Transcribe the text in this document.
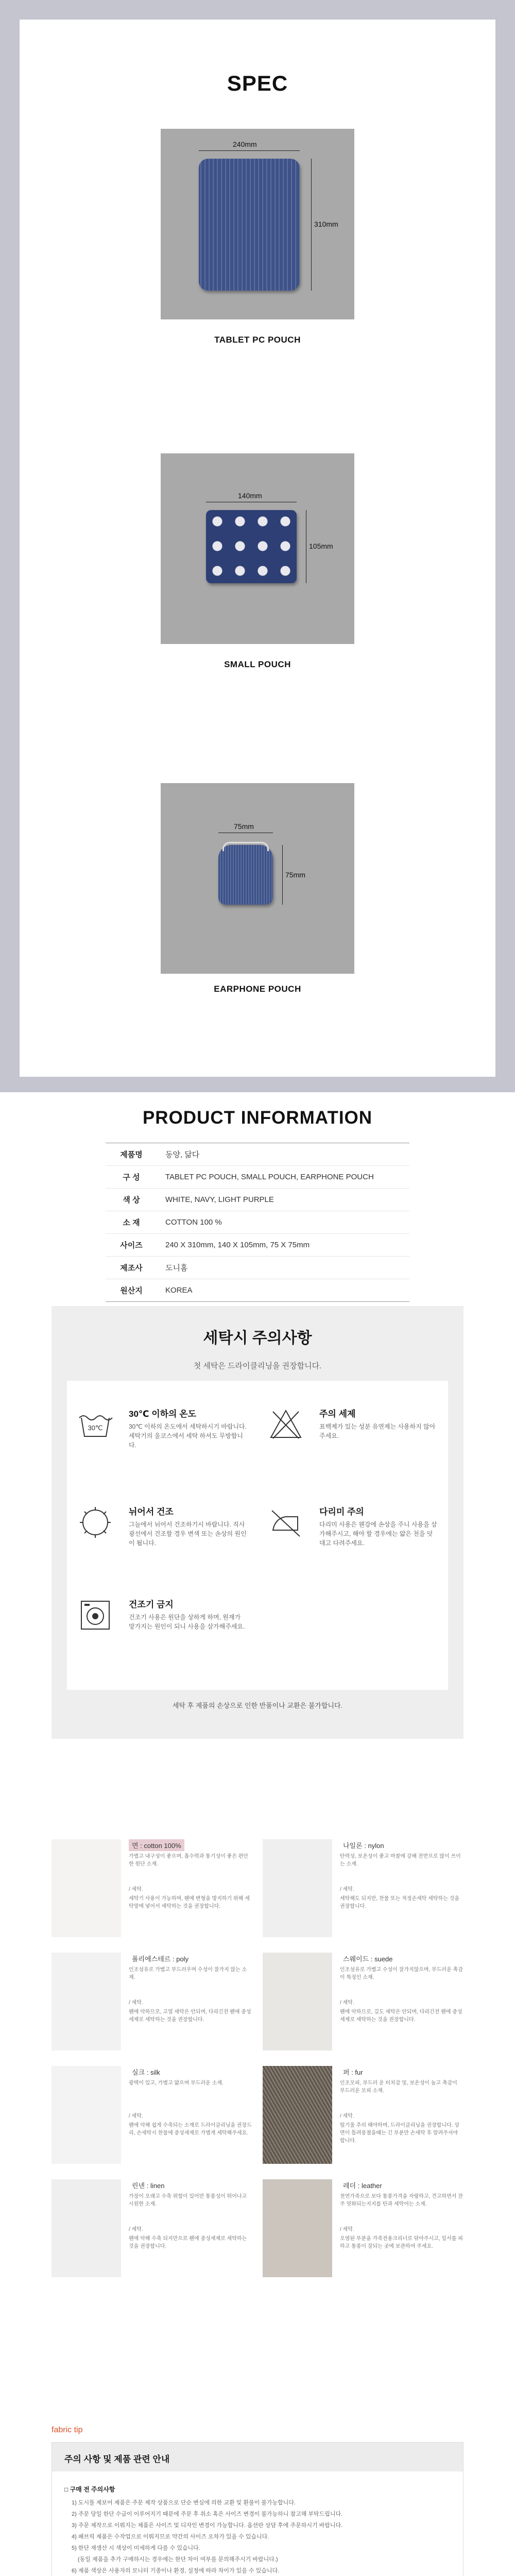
SPEC
240mm
310mm
TABLET PC POUCH
140mm
105mm
SMALL POUCH
75mm
75mm
EARPHONE POUCH
PRODUCT INFORMATION
제품명	동양, 닮다
구 성	TABLET PC POUCH, SMALL POUCH, EARPHONE POUCH
색 상	WHITE, NAVY, LIGHT PURPLE
소 재	COTTON 100 %
사이즈	240 X 310mm, 140 X 105mm, 75 X 75mm
제조사	도니홈
원산지	KOREA
세탁시 주의사항
첫 세탁은 드라이클리닝을 권장합니다.
30℃
30℃ 이하의 온도
30℃ 이하의 온도에서 세탁하시기 바랍니다. 세탁기의 울코스에서 세탁 하셔도 무방합니다.
주의 세제
표백제가 있는 성분 유연제는 사용하지 않아주세요.
뉘어서 건조
그늘에서 뉘어서 건조하기시 바랍니다. 직사광선에서 건조할 경우 변색 또는 손상의 원인이 됩니다.
다리미 주의
다리미 사용은 웬강에 손상을 주니 사용을 삼가해주시고, 해야 할 경우에는 얇은 천을 덧대고 다려주세요.
건조기 금지
건조기 사용은 원단을 상하게 하며, 원재가 망가지는 원인이 되니 사용을 삼가해주세요.
세탁 후 제품의 손상으로 인한 반품이나 교환은 불가합니다.
면 : cotton 100%
가볍고 내구성이 좋으며, 흡수력과 통기성이 좋은 편안한 원단 소재.
/ 세탁.
세탁기 사용이 가능하며, 웬에 변형을 방지하기 위해 세탁망에 넣어서 세탁하는 것을 권장합니다.
나일론 : nylon
탄력성, 보온성이 좋고 마찰에 강해 전반으로 많이 쓰이는 소재.
/ 세탁.
세탁해도 되지만, 찬물 또는 적정손세탁 세탁하는 것을 권장합니다.
폴리에스테르 : poly
인조섬유로 가볍고 부드러우며 수성이 잘가지 않는 소재.
/ 세탁.
웬에 악하므로, 고열 세탁은 안되며, 다리긴전 웬에 중성세제로 세탁하는 것을 권장합니다.
스웨이드 : suede
인조섬유로 가볍고 수성이 잘가지않으며, 부드러운 촉감이 특징인 소재.
/ 세탁.
웬에 악하므로, 길도 세탁은 안되며, 다리긴전 웬에 중성세제로 세탁하는 것을 권장합니다.
실크 : silk
광택이 있고, 가볍고 얇으며 부드러운 소재.
/ 세탁.
웬에 악해 쉽게 수축되는 소재로 드라이클리닝을 권장드리, 손세탁시 찬물에 중성세제로 가볍게 세탁해주세요.
퍼 : fur
인조모피, 부드러 운 터치감 및, 보온성이 높고 촉감이 부드러운 모피 소재.
/ 세탁.
털기울 추의 해야하며, 드라이클리닝을 권장합니다. 상면이 틀려뭉쳤을때는 긴 부분만 손세탁 후 말려주셔야 합니다.
린넨 : linen
가장이 오래고 수축 위험이 있어만 통풍성이 뛰어나고 시원한 소재.
/ 세탁.
웬에 악해 수축 되지만으로 웬에 중성세제로 세탁하는 것을 권장합니다.
레더 : leather
천연가죽으로 보다 통풍가격을 자랑하고, 견고하면서 잔주 멋화되는지지를 탄과 세탁어는 소재.
/ 세탁.
오염된 부분을 가죽전용크리너로 닦아주시고, 일서를 피하고 통풍이 잘되는 곳에 보관하여 주세요.
fabric tip
주의 사항 및 제품 관련 안내
□ 구매 전 주의사항
1) 도시틀 제보어 제품은 주문 제작 상품으로 단순 변심에 의한 교환 및 환불이 불가능합니다.
2) 주문 당일 한단 수급이 이루어지기 때문에 주문 후 취소 혹은 사이즈 변경이 불가능하니 참고해 부탁드립니다.
3) 주문 제작으로 이뤄지는 제품은 사이즈 및 디자인 변경이 가능합니다. 옵션란 상담 후에 주문하시기 바랍니다.
4) 패브릭 제품은 수작업으로 이뤄지므로 약간의 사이즈 오차가 있을 수 있습니다.
5) 한단 재생산 시 색상이 미세하게 다를 수 있습니다.
(동일 제품을 추가 구매하시는 경우에는 한단 차이 여부를 문의해주시기 바랍니다.)
6) 제품 색상은 사용자의 모니터 기종이나 환경, 설정에 따라 차이가 있을 수 있습니다.
